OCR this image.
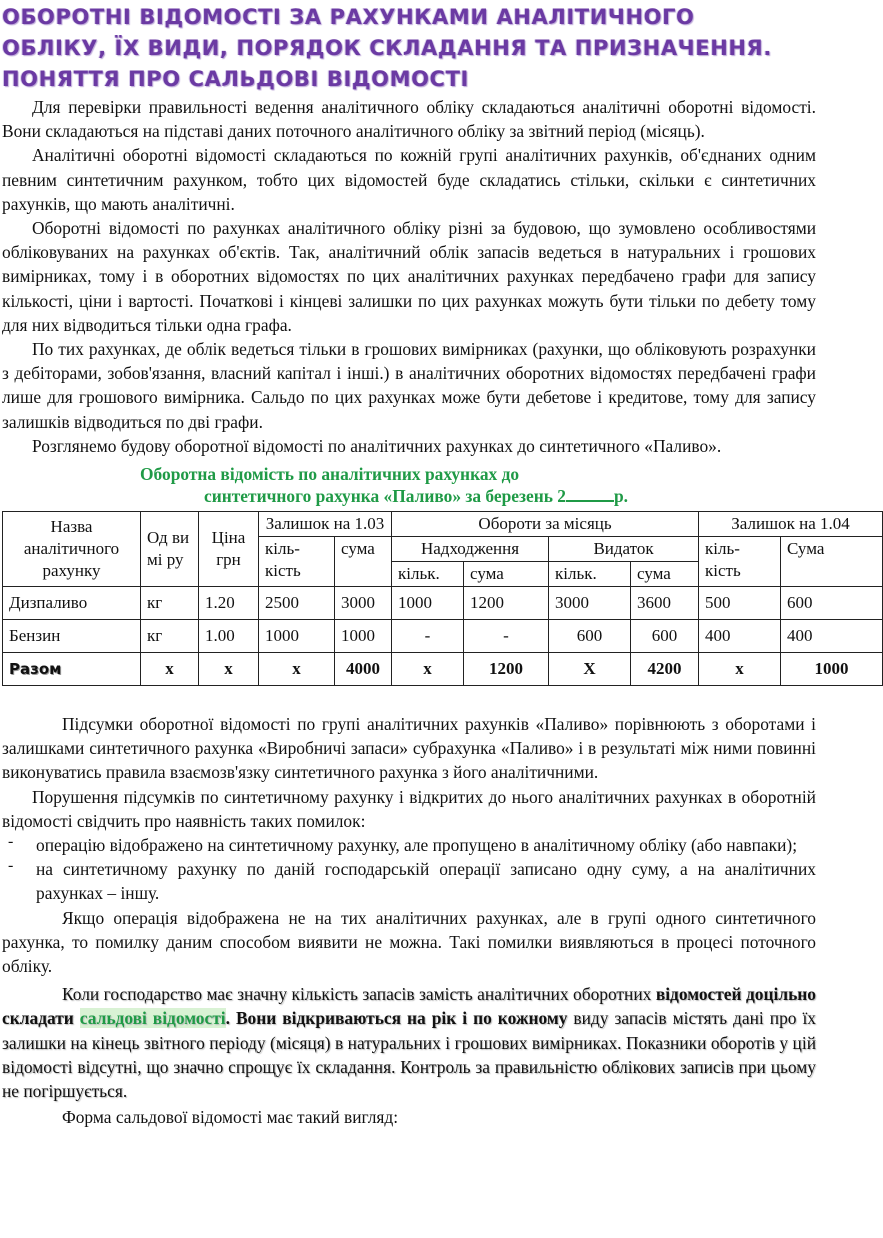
ОБОРОТНІ ВІДОМОСТІ ЗА РАХУНКАМИ АНАЛІТИЧНОГО
ОБЛІКУ, ЇХ ВИДИ, ПОРЯДОК СКЛАДАННЯ ТА ПРИЗНАЧЕННЯ.
ПОНЯТТЯ ПРО САЛЬДОВІ ВІДОМОСТІ

Для перевірки правильності ведення аналітичного обліку складаються аналітичні оборотні відомості. Вони складаються на підставі даних поточного аналітичного обліку за звітний період (місяць).

Аналітичні оборотні відомості складаються по кожній групі аналітичних рахунків, об'єднаних одним певним синтетичним рахунком, тобто цих відомостей буде складатись стільки, скільки є синтетичних рахунків, що мають аналітичні.

Оборотні відомості по рахунках аналітичного обліку різні за будовою, що зумовлено особливостями обліковуваних на рахунках об'єктів. Так, аналітичний облік запасів ведеться в натуральних і грошових вимірниках, тому і в оборотних відомостях по цих аналітичних рахунках передбачено графи для запису кількості, ціни і вартості. Початкові і кінцеві залишки по цих рахунках можуть бути тільки по дебету тому для них відводиться тільки одна графа.

По тих рахунках, де облік ведеться тільки в грошових вимірниках (рахунки, що обліковують розрахунки з дебіторами, зобов'язання, власний капітал і інші.) в аналітичних оборотних відомостях передбачені графи лише для грошового вимірника. Сальдо по цих рахунках може бути дебетове і кредитове, тому для запису залишків відводиться по дві графи.

Розглянемо будову оборотної відомості по аналітичних рахунках до синтетичного «Паливо».

Оборотна відомість по аналітичних рахунках до
синтетичного рахунка «Паливо» за березень 2	р.
Назва аналітичного рахунку	Од ви мі ру	Ціна грн	Залишок на 1.03		Обороти за місяць				Залишок на 1.04	
			кіль-кість	сума	Надходження		Видаток		кіль-кість	Сума
					кільк.	сума	кільк.	сума		
Дизпаливо	кг	1.20	2500	3000	1000	1200	3000	3600	500	600
Бензин	кг	1.00	1000	1000	-	-	600	600	400	400
Разом	х	х	х	4000	х	1200	Х	4200	х	1000

Підсумки оборотної відомості по групі аналітичних рахунків «Паливо» порівнюють з оборотами і залишками синтетичного рахунка «Виробничі запаси» субрахунка «Паливо» і в результаті між ними повинні виконуватись правила взаємозв'язку синтетичного рахунка з його аналітичними.

Порушення підсумків по синтетичному рахунку і відкритих до нього аналітичних рахунках в оборотній відомості свідчить про наявність таких помилок:

- операцію відображено на синтетичному рахунку, але пропущено в аналітичному обліку (або навпаки);

- на синтетичному рахунку по даній господарській операції записано одну суму, а на аналітичних рахунках – іншу.

Якщо операція відображена не на тих аналітичних рахунках, але в групі одного синтетичного рахунка, то помилку даним способом виявити не можна. Такі помилки виявляються в процесі поточного обліку.

Коли господарство має значну кількість запасів замість аналітичних оборотних відомостей доцільно складати сальдові відомості. Вони відкриваються на рік і по кожному виду запасів містять дані про їх залишки на кінець звітного періоду (місяця) в натуральних і грошових вимірниках. Показники оборотів у цій відомості відсутні, що значно спрощує їх складання. Контроль за правильністю облікових записів при цьому не погіршується.

Форма сальдової відомості має такий вигляд:
